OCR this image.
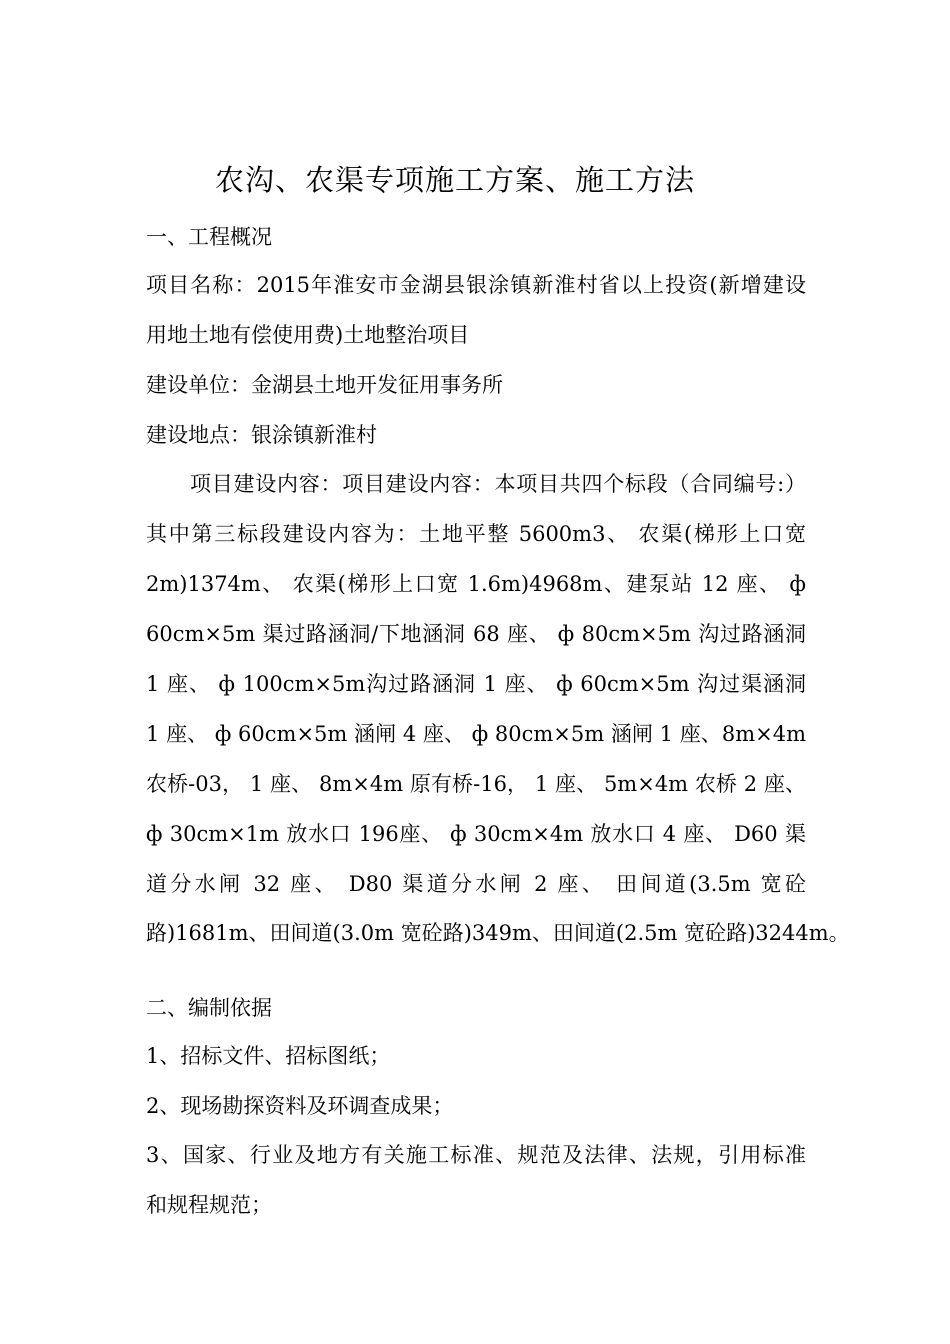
农沟、农渠专项施工方案、施工方法
一、工程概况
项目名称：2015年淮安市金湖县银涂镇新淮村省以上投资(新增建设
用地土地有偿使用费)土地整治项目
建设单位：金湖县土地开发征用事务所
建设地点：银涂镇新淮村
项目建设内容：项目建设内容：本项目共四个标段（合同编号:）
其中第三标段建设内容为：土地平整 5600m3、 农渠(梯形上口宽
2m)1374m、 农渠(梯形上口宽 1.6m)4968m、建泵站 12 座、 ф
60cm×5m 渠过路涵洞/下地涵洞 68 座、 ф 80cm×5m 沟过路涵洞
1 座、 ф 100cm×5m沟过路涵洞 1 座、 ф 60cm×5m 沟过渠涵洞
1 座、 ф 60cm×5m 涵闸 4 座、 ф 80cm×5m 涵闸 1 座、8m×4m
农桥-03， 1 座、 8m×4m 原有桥-16， 1 座、 5m×4m 农桥 2 座、
ф 30cm×1m 放水口 196座、 ф 30cm×4m 放水口 4 座、 D60 渠
道分水闸 32 座、 D80 渠道分水闸 2 座、 田间道(3.5m 宽砼
路)1681m、田间道(3.0m 宽砼路)349m、田间道(2.5m 宽砼路)3244m。
二、编制依据
1、招标文件、招标图纸；
2、现场勘探资料及环调查成果；
3、国家、行业及地方有关施工标准、规范及法律、法规，引用标准
和规程规范；
